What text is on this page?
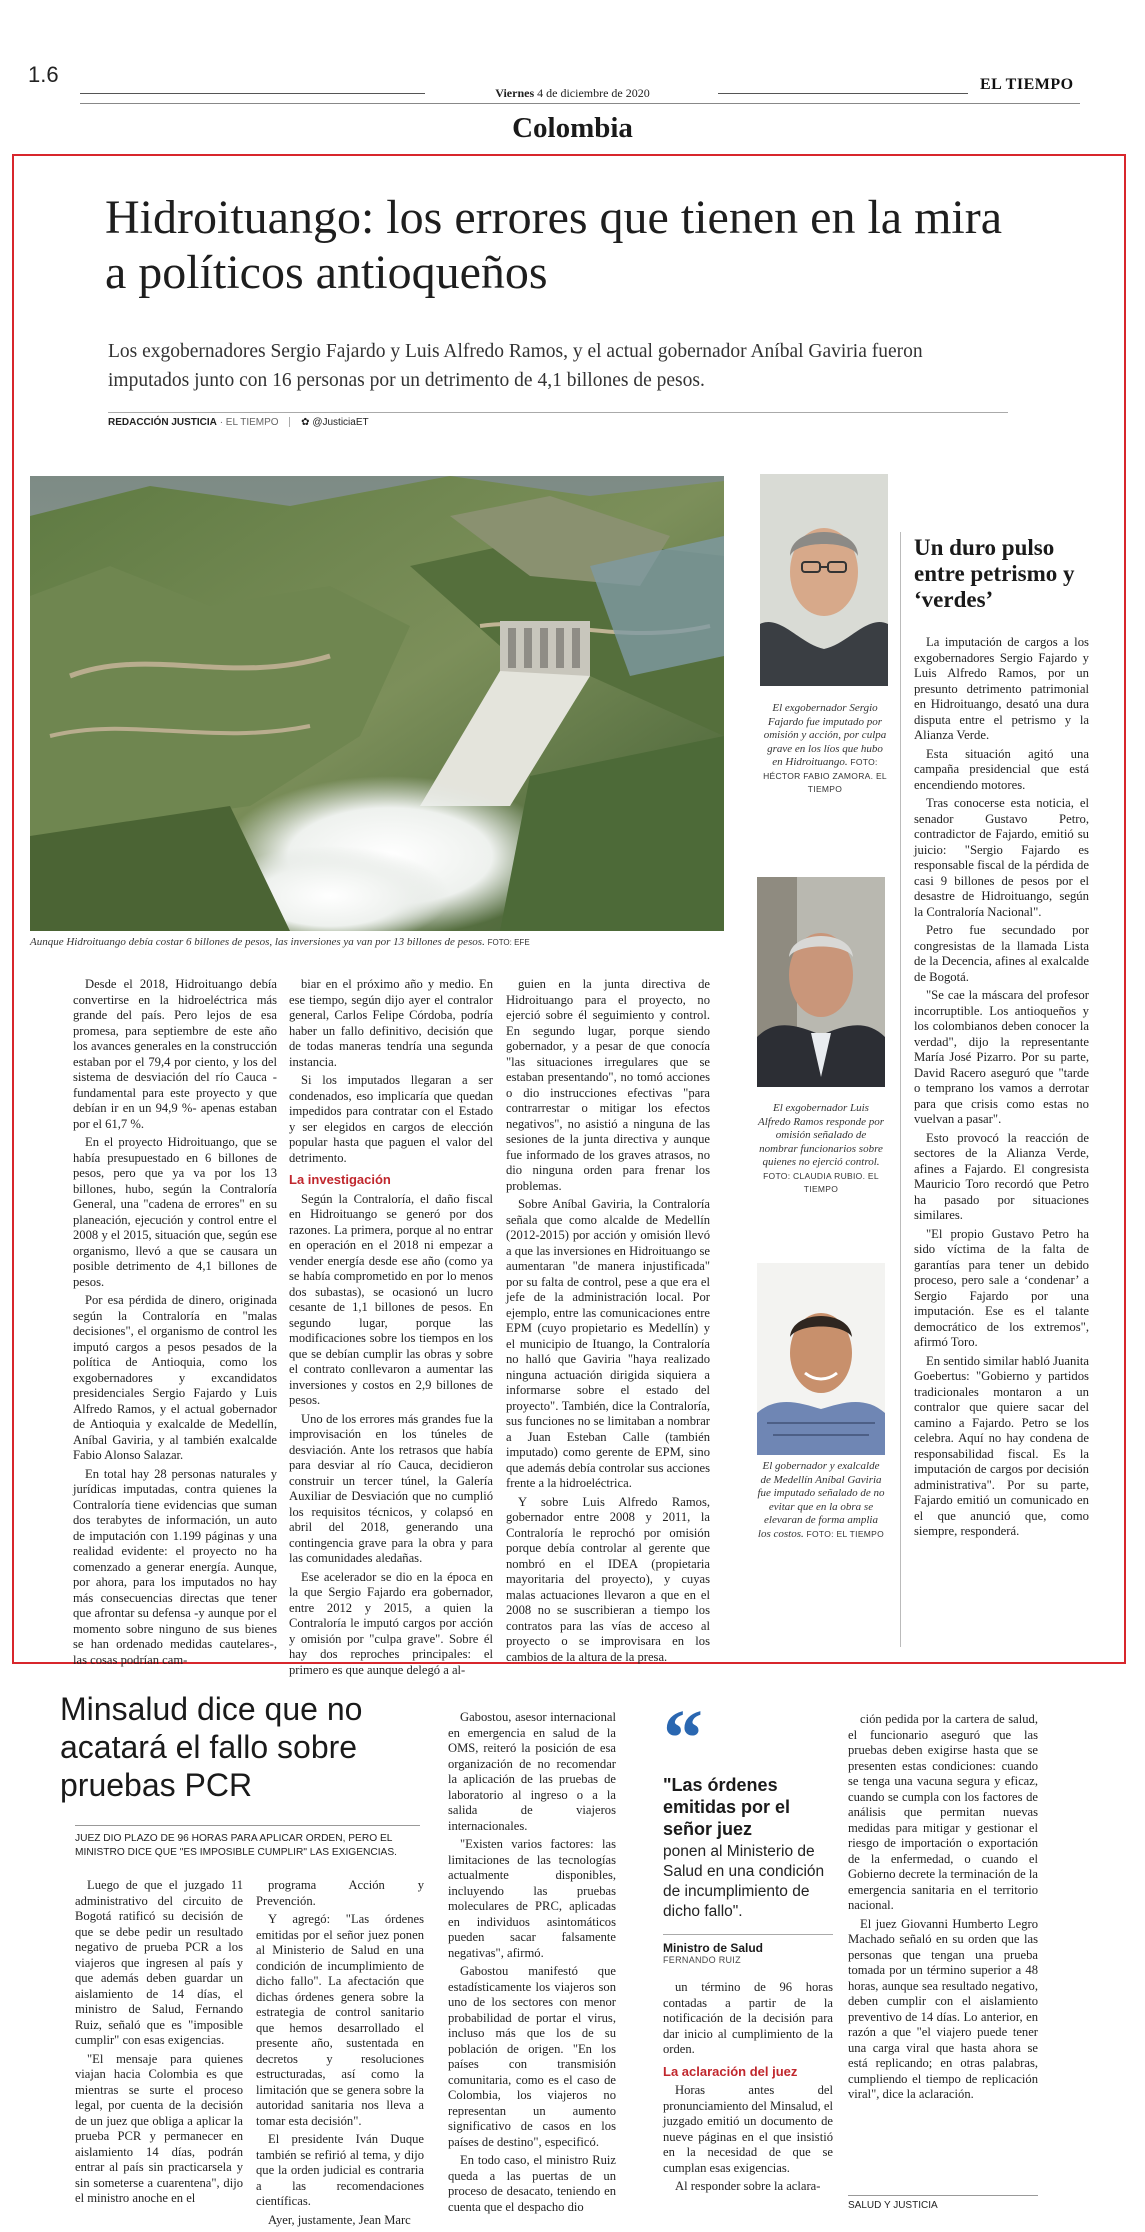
1.6
Viernes 4 de diciembre de 2020	EL TIEMPO
Colombia
Hidroituango: los errores que tienen en la mira a políticos antioqueños
Los exgobernadores Sergio Fajardo y Luis Alfredo Ramos, y el actual gobernador Aníbal Gaviria fueron imputados junto con 16 personas por un detrimento de 4,1 billones de pesos.
REDACCIÓN JUSTICIA · EL TIEMPO ✿ @JusticiaET
Aunque Hidroituango debía costar 6 billones de pesos, las inversiones ya van por 13 billones de pesos. FOTO: EFE
El exgobernador Sergio Fajardo fue imputado por omisión y acción, por culpa grave en los líos que hubo en Hidroituango. FOTO: HÉCTOR FABIO ZAMORA. EL TIEMPO
El exgobernador Luis Alfredo Ramos responde por omisión señalado de nombrar funcionarios sobre quienes no ejerció control. FOTO: CLAUDIA RUBIO. EL TIEMPO
El gobernador y exalcalde de Medellín Aníbal Gaviria fue imputado señalado de no evitar que en la obra se elevaran de forma amplia los costos. FOTO: EL TIEMPO
Un duro pulso entre petrismo y ‘verdes’

La imputación de cargos a los exgobernadores Sergio Fajardo y Luis Alfredo Ramos, por un presunto detrimento patrimonial en Hidroituango, desató una dura disputa entre el petrismo y la Alianza Verde.

Esta situación agitó una campaña presidencial que está encendiendo motores.

Tras conocerse esta noticia, el senador Gustavo Petro, contradictor de Fajardo, emitió su juicio: "Sergio Fajardo es responsable fiscal de la pérdida de casi 9 billones de pesos por el desastre de Hidroituango, según la Contraloría Nacional".

Petro fue secundado por congresistas de la llamada Lista de la Decencia, afines al exalcalde de Bogotá.

"Se cae la máscara del profesor incorruptible. Los antioqueños y los colombianos deben conocer la verdad", dijo la representante María José Pizarro. Por su parte, David Racero aseguró que "tarde o temprano los vamos a derrotar para que crisis como estas no vuelvan a pasar".

Esto provocó la reacción de sectores de la Alianza Verde, afines a Fajardo. El congresista Mauricio Toro recordó que Petro ha pasado por situaciones similares.

"El propio Gustavo Petro ha sido víctima de la falta de garantías para tener un debido proceso, pero sale a ‘condenar’ a Sergio Fajardo por una imputación. Ese es el talante democrático de los extremos", afirmó Toro.

En sentido similar habló Juanita Goebertus: "Gobierno y partidos tradicionales montaron a un contralor que quiere sacar del camino a Fajardo. Petro se los celebra. Aquí no hay condena de responsabilidad fiscal. Es la imputación de cargos por decisión administrativa". Por su parte, Fajardo emitió un comunicado en el que anunció que, como siempre, responderá.

Desde el 2018, Hidroituango debía convertirse en la hidroeléctrica más grande del país. Pero lejos de esa promesa, para septiembre de este año los avances generales en la construcción estaban por el 79,4 por ciento, y los del sistema de desviación del río Cauca -fundamental para este proyecto y que debían ir en un 94,9 %- apenas estaban por el 61,7 %.

En el proyecto Hidroituango, que se había presupuestado en 6 billones de pesos, pero que ya va por los 13 billones, hubo, según la Contraloría General, una "cadena de errores" en su planeación, ejecución y control entre el 2008 y el 2015, situación que, según ese organismo, llevó a que se causara un posible detrimento de 4,1 billones de pesos.

Por esa pérdida de dinero, originada según la Contraloría en "malas decisiones", el organismo de control les imputó cargos a pesos pesados de la política de Antioquia, como los exgobernadores y excandidatos presidenciales Sergio Fajardo y Luis Alfredo Ramos, y el actual gobernador de Antioquia y exalcalde de Medellín, Aníbal Gaviria, y al también exalcalde Fabio Alonso Salazar.

En total hay 28 personas naturales y jurídicas imputadas, contra quienes la Contraloría tiene evidencias que suman dos terabytes de información, un auto de imputación con 1.199 páginas y una realidad evidente: el proyecto no ha comenzado a generar energía. Aunque, por ahora, para los imputados no hay más consecuencias directas que tener que afrontar su defensa -y aunque por el momento sobre ninguno de sus bienes se han ordenado medidas cautelares-, las cosas podrían cam-

biar en el próximo año y medio. En ese tiempo, según dijo ayer el contralor general, Carlos Felipe Córdoba, podría haber un fallo definitivo, decisión que de todas maneras tendría una segunda instancia.

Si los imputados llegaran a ser condenados, eso implicaría que quedan impedidos para contratar con el Estado y ser elegidos en cargos de elección popular hasta que paguen el valor del detrimento.

La investigación

Según la Contraloría, el daño fiscal en Hidroituango se generó por dos razones. La primera, porque al no entrar en operación en el 2018 ni empezar a vender energía desde ese año (como ya se había comprometido en por lo menos dos subastas), se ocasionó un lucro cesante de 1,1 billones de pesos. En segundo lugar, porque las modificaciones sobre los tiempos en los que se debían cumplir las obras y sobre el contrato conllevaron a aumentar las inversiones y costos en 2,9 billones de pesos.

Uno de los errores más grandes fue la improvisación en los túneles de desviación. Ante los retrasos que había para desviar al río Cauca, decidieron construir un tercer túnel, la Galería Auxiliar de Desviación que no cumplió los requisitos técnicos, y colapsó en abril del 2018, generando una contingencia grave para la obra y para las comunidades aledañas.

Ese acelerador se dio en la época en la que Sergio Fajardo era gobernador, entre 2012 y 2015, a quien la Contraloría le imputó cargos por acción y omisión por "culpa grave". Sobre él hay dos reproches principales: el primero es que aunque delegó a al-

guien en la junta directiva de Hidroituango para el proyecto, no ejerció sobre él seguimiento y control. En segundo lugar, porque siendo gobernador, y a pesar de que conocía "las situaciones irregulares que se estaban presentando", no tomó acciones o dio instrucciones efectivas "para contrarrestar o mitigar los efectos negativos", no asistió a ninguna de las sesiones de la junta directiva y aunque fue informado de los graves atrasos, no dio ninguna orden para frenar los problemas.

Sobre Aníbal Gaviria, la Contraloría señala que como alcalde de Medellín (2012-2015) por acción y omisión llevó a que las inversiones en Hidroituango se aumentaran "de manera injustificada" por su falta de control, pese a que era el jefe de la administración local. Por ejemplo, entre las comunicaciones entre EPM (cuyo propietario es Medellín) y el municipio de Ituango, la Contraloría no halló que Gaviria "haya realizado ninguna actuación dirigida siquiera a informarse sobre el estado del proyecto". También, dice la Contraloría, sus funciones no se limitaban a nombrar a Juan Esteban Calle (también imputado) como gerente de EPM, sino que además debía controlar sus acciones frente a la hidroeléctrica.

Y sobre Luis Alfredo Ramos, gobernador entre 2008 y 2011, la Contraloría le reprochó por omisión porque debía controlar al gerente que nombró en el IDEA (propietaria mayoritaria del proyecto), y cuyas malas actuaciones llevaron a que en el 2008 no se suscribieran a tiempo los contratos para las vías de acceso al proyecto o se improvisara en los cambios de la altura de la presa.

Minsalud dice que no acatará el fallo sobre pruebas PCR
JUEZ DIO PLAZO DE 96 HORAS PARA APLICAR ORDEN, PERO EL MINISTRO DICE QUE "ES IMPOSIBLE CUMPLIR" LAS EXIGENCIAS.

Luego de que el juzgado 11 administrativo del circuito de Bogotá ratificó su decisión de que se debe pedir un resultado negativo de prueba PCR a los viajeros que ingresen al país y que además deben guardar un aislamiento de 14 días, el ministro de Salud, Fernando Ruiz, señaló que es "imposible cumplir" con esas exigencias.

"El mensaje para quienes viajan hacia Colombia es que mientras se surte el proceso legal, por cuenta de la decisión de un juez que obliga a aplicar la prueba PCR y permanecer en aislamiento 14 días, podrán entrar al país sin practicarsela y sin someterse a cuarentena", dijo el ministro anoche en el

programa Acción y Prevención.

Y agregó: "Las órdenes emitidas por el señor juez ponen al Ministerio de Salud en una condición de incumplimiento de dicho fallo". La afectación que dichas órdenes genera sobre la estrategia de control sanitario que hemos desarrollado el presente año, sustentada en decretos y resoluciones estructuradas, así como la limitación que se genera sobre la autoridad sanitaria nos lleva a tomar esta decisión".

El presidente Iván Duque también se refirió al tema, y dijo que la orden judicial es contraria a las recomendaciones científicas.

Ayer, justamente, Jean Marc

Gabostou, asesor internacional en emergencia en salud de la OMS, reiteró la posición de esa organización de no recomendar la aplicación de las pruebas de laboratorio al ingreso o a la salida de viajeros internacionales.

"Existen varios factores: las limitaciones de las tecnologías actualmente disponibles, incluyendo las pruebas moleculares de PRC, aplicadas en individuos asintomáticos pueden sacar falsamente negativas", afirmó.

Gabostou manifestó que estadísticamente los viajeros son uno de los sectores con menor probabilidad de portar el virus, incluso más que los de su población de origen. "En los países con transmisión comunitaria, como es el caso de Colombia, los viajeros no representan un aumento significativo de casos en los países de destino", especificó.

En todo caso, el ministro Ruiz queda a las puertas de un proceso de desacato, teniendo en cuenta que el despacho dio

“
"Las órdenes emitidas por el señor juez
ponen al Ministerio de Salud en una condición de incumplimiento de dicho fallo".
Ministro de Salud
FERNANDO RUIZ

un término de 96 horas contadas a partir de la notificación de la decisión para dar inicio al cumplimiento de la orden.

La aclaración del juez

Horas antes del pronunciamiento del Minsalud, el juzgado emitió un documento de nueve páginas en el que insistió en la necesidad de que se cumplan esas exigencias.

Al responder sobre la aclara-

ción pedida por la cartera de salud, el funcionario aseguró que las pruebas deben exigirse hasta que se presenten estas condiciones: cuando se tenga una vacuna segura y eficaz, cuando se cumpla con los factores de análisis que permitan nuevas medidas para mitigar y gestionar el riesgo de importación o exportación de la enfermedad, o cuando el Gobierno decrete la terminación de la emergencia sanitaria en el territorio nacional.

El juez Giovanni Humberto Legro Machado señaló en su orden que las personas que tengan una prueba tomada por un término superior a 48 horas, aunque sea resultado negativo, deben cumplir con el aislamiento preventivo de 14 días. Lo anterior, en razón a que "el viajero puede tener una carga viral que hasta ahora se está replicando; en otras palabras, cumpliendo el tiempo de replicación viral", dice la aclaración.

SALUD Y JUSTICIA
